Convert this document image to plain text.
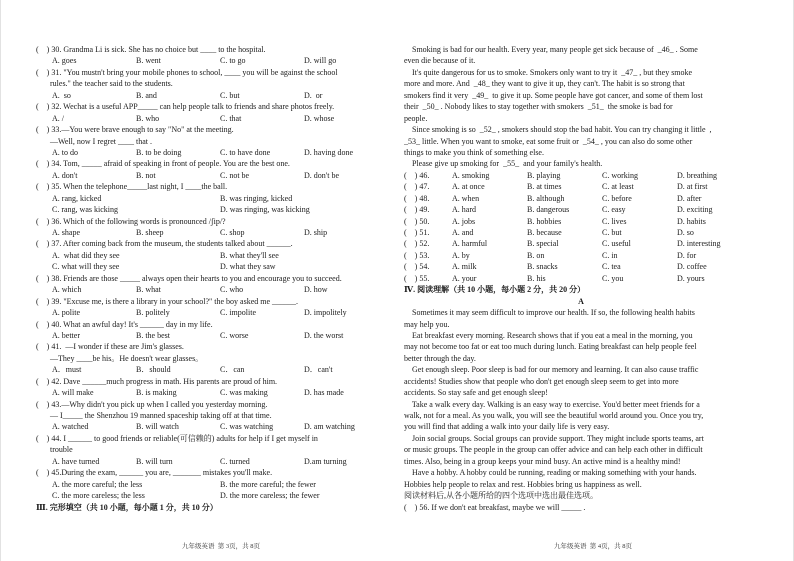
(    ) 30. Grandma Li is sick. She has no choice but ____ to the hospital.
A. goes	B. went	C. to go	D. will go
(    ) 31. "You mustn't bring your mobile phones to school, ____ you will be against the school
rules." the teacher said to the students.
A.  so	B. and	C. but	D.  or
(    ) 32. Wechat is a useful APP_____ can help people talk to friends and share photos freely.
A. /	B. who	C. that	D. whose
(    ) 33.—You were brave enough to say "No" at the meeting.
—Well, now I regret ____ that .
A. to do	B. to be doing	C. to have done	D. having done
(    ) 34. Tom, _____ afraid of speaking in front of people. You are the best one.
A. don't	B. not	C. not be	D. don't be
(    ) 35. When the telephone_____last night, I ____the ball.
A. rang, kicked	B. was ringing, kicked
C. rang, was kicking	D. was ringing, was kicking
(    ) 36. Which of the following words is pronounced /ʃip/?
A. shape	B. sheep	C. shop	D. ship
(    ) 37. After coming back from the museum, the students talked about ______.
A.  what did they see	B. what they'll see
C. what will they see	D. what they saw
(    ) 38. Friends are those _____ always open their hearts to you and encourage you to succeed.
A. which	B. what	C. who	D. how
(    ) 39. "Excuse me, is there a library in your school?" the boy asked me ______.
A. polite	B. politely	C. impolite	D. impolitely
(    ) 40. What an awful day! It's ______ day in my life.
A. better	B. the best	C. worse	D. the worst
(    ) 41.  —I wonder if these are Jim's glasses.
—They ____be his。He doesn't wear glasses。
A．must	B．should	C．can	D．can't
(    ) 42. Dave ______much progress in math. His parents are proud of him.
A. will make	B. is making	C. was making	D. has made
(    ) 43.—Why didn't you pick up when I called you yesterday morning.
— I_____ the Shenzhou 19 manned spaceship taking off at that time.
A. watched	B. will watch	C. was watching	D. am watching
(    ) 44. I ______ to good friends or reliable(可信赖的) adults for help if I get myself in
trouble
A. have turned	B. will turn	C. turned	D.am turning
(    ) 45.During the exam, ______ you are, _______ mistakes you'll make.
A. the more careful; the less	B. the more careful; the fewer
C. the more careless; the less	D. the more careless; the fewer
Ⅲ. 完形填空（共 10 小题，每小题 1 分，共 10 分）
Smoking is bad for our health. Every year, many people get sick because of  _46_ . Some
even die because of it.
It's quite dangerous for us to smoke. Smokers only want to try it  _47_ , but they smoke
more and more. And  _48_ they want to give it up, they can't. The habit is so strong that
smokers find it very  _49_  to give it up. Some people have got cancer, and some of them lost
their  _50_ . Nobody likes to stay together with smokers  _51_  the smoke is bad for
people.
Since smoking is so  _52_ , smokers should stop the bad habit. You can try changing it little  ,
_53_ little. When you want to smoke, eat some fruit or  _54_ , you can also do some other
things to make you think of something else.
Please give up smoking for  _55_  and your family's health.
(    ) 46.	A. smoking	B. playing	C. working	D. breathing
(    ) 47.	A. at once	B. at times	C. at least	D. at first
(    ) 48.	A. when	B. although	C. before	D. after
(    ) 49.	A. hard	B. dangerous	C. easy	D. exciting
(    ) 50.	A. jobs	B. hobbies	C. lives	D. habits
(    ) 51.	A. and	B. because	C. but	D. so
(    ) 52.	A. harmful	B. special	C. useful	D. interesting
(    ) 53.	A. by	B. on	C. in	D. for
(    ) 54.	A. milk	B. snacks	C. tea	D. coffee
(    ) 55.	A. your	B. his	C. you	D. yours
Ⅳ. 阅读理解（共 10 小题，每小题 2 分，共 20 分）
A
Sometimes it may seem difficult to improve our health. If so, the following health habits
may help you.
Eat breakfast every morning. Research shows that if you eat a meal in the morning, you
may not become too fat or eat too much during lunch. Eating breakfast can help people feel
better through the day.
Get enough sleep. Poor sleep is bad for our memory and learning. It can also cause traffic
accidents! Studies show that people who don't get enough sleep seem to get into more
accidents. So stay safe and get enough sleep!
Take a walk every day. Walking is an easy way to exercise. You'd better meet friends for a
walk, not for a meal. As you walk, you will see the beautiful world around you. Once you try,
you will find that adding a walk into your daily life is very easy.
Join social groups. Social groups can provide support. They might include sports teams, art
or music groups. The people in the group can offer advice and can help each other in difficult
times. Also, being in a group keeps your mind busy. An active mind is a healthy mind!
Have a hobby. A hobby could be running, reading or making something with your hands.
Hobbies help people to relax and rest. Hobbies bring us happiness as well.
阅读材料后,从各小题所给的四个选项中选出最佳选项。
(    ) 56. If we don't eat breakfast, maybe we will _____ .
九年级英语  第 3页，共 8页	九年级英语  第 4页，共 8页
